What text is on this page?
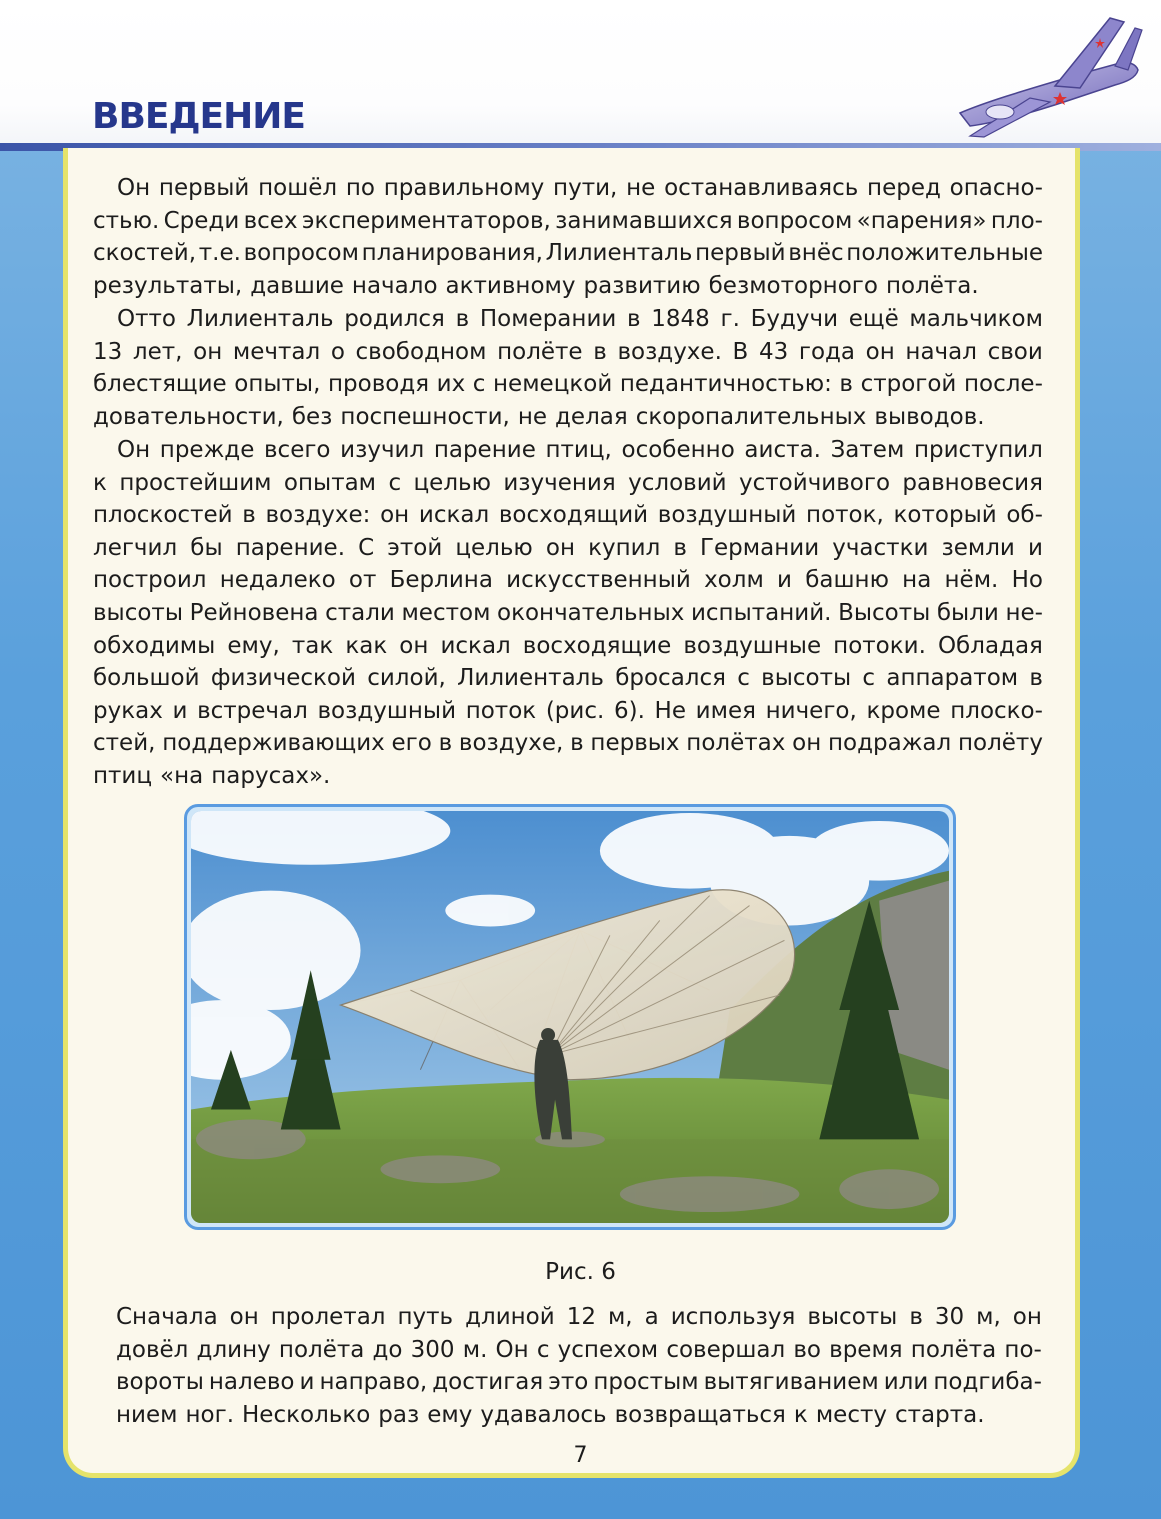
ВВЕДЕНИЕ
Он первый пошёл по правильному пути, не останавливаясь перед опасно-
стью. Среди всех экспериментаторов, занимавшихся вопросом «парения» пло-
скостей, т.е. вопросом планирования, Лилиенталь первый внёс положительные
результаты, давшие начало активному развитию безмоторного полёта.
Отто Лилиенталь родился в Померании в 1848 г. Будучи ещё мальчиком
13 лет, он мечтал о свободном полёте в воздухе. В 43 года он начал свои
блестящие опыты, проводя их с немецкой педантичностью: в строгой после-
довательности, без поспешности, не делая скоропалительных выводов.
Он прежде всего изучил парение птиц, особенно аиста. Затем приступил
к простейшим опытам с целью изучения условий устойчивого равновесия
плоскостей в воздухе: он искал восходящий воздушный поток, который об-
легчил бы парение. С этой целью он купил в Германии участки земли и
построил недалеко от Берлина искусственный холм и башню на нём. Но
высоты Рейновена стали местом окончательных испытаний. Высоты были не-
обходимы ему, так как он искал восходящие воздушные потоки. Обладая
большой физической силой, Лилиенталь бросался с высоты с аппаратом в
руках и встречал воздушный поток (рис. 6). Не имея ничего, кроме плоско-
стей, поддерживающих его в воздухе, в первых полётах он подражал полёту
птиц «на парусах».
Рис. 6
Сначала он пролетал путь длиной 12 м, а используя высоты в 30 м, он
довёл длину полёта до 300 м. Он с успехом совершал во время полёта по-
вороты налево и направо, достигая это простым вытягиванием или подгиба-
нием ног. Несколько раз ему удавалось возвращаться к месту старта.
7
